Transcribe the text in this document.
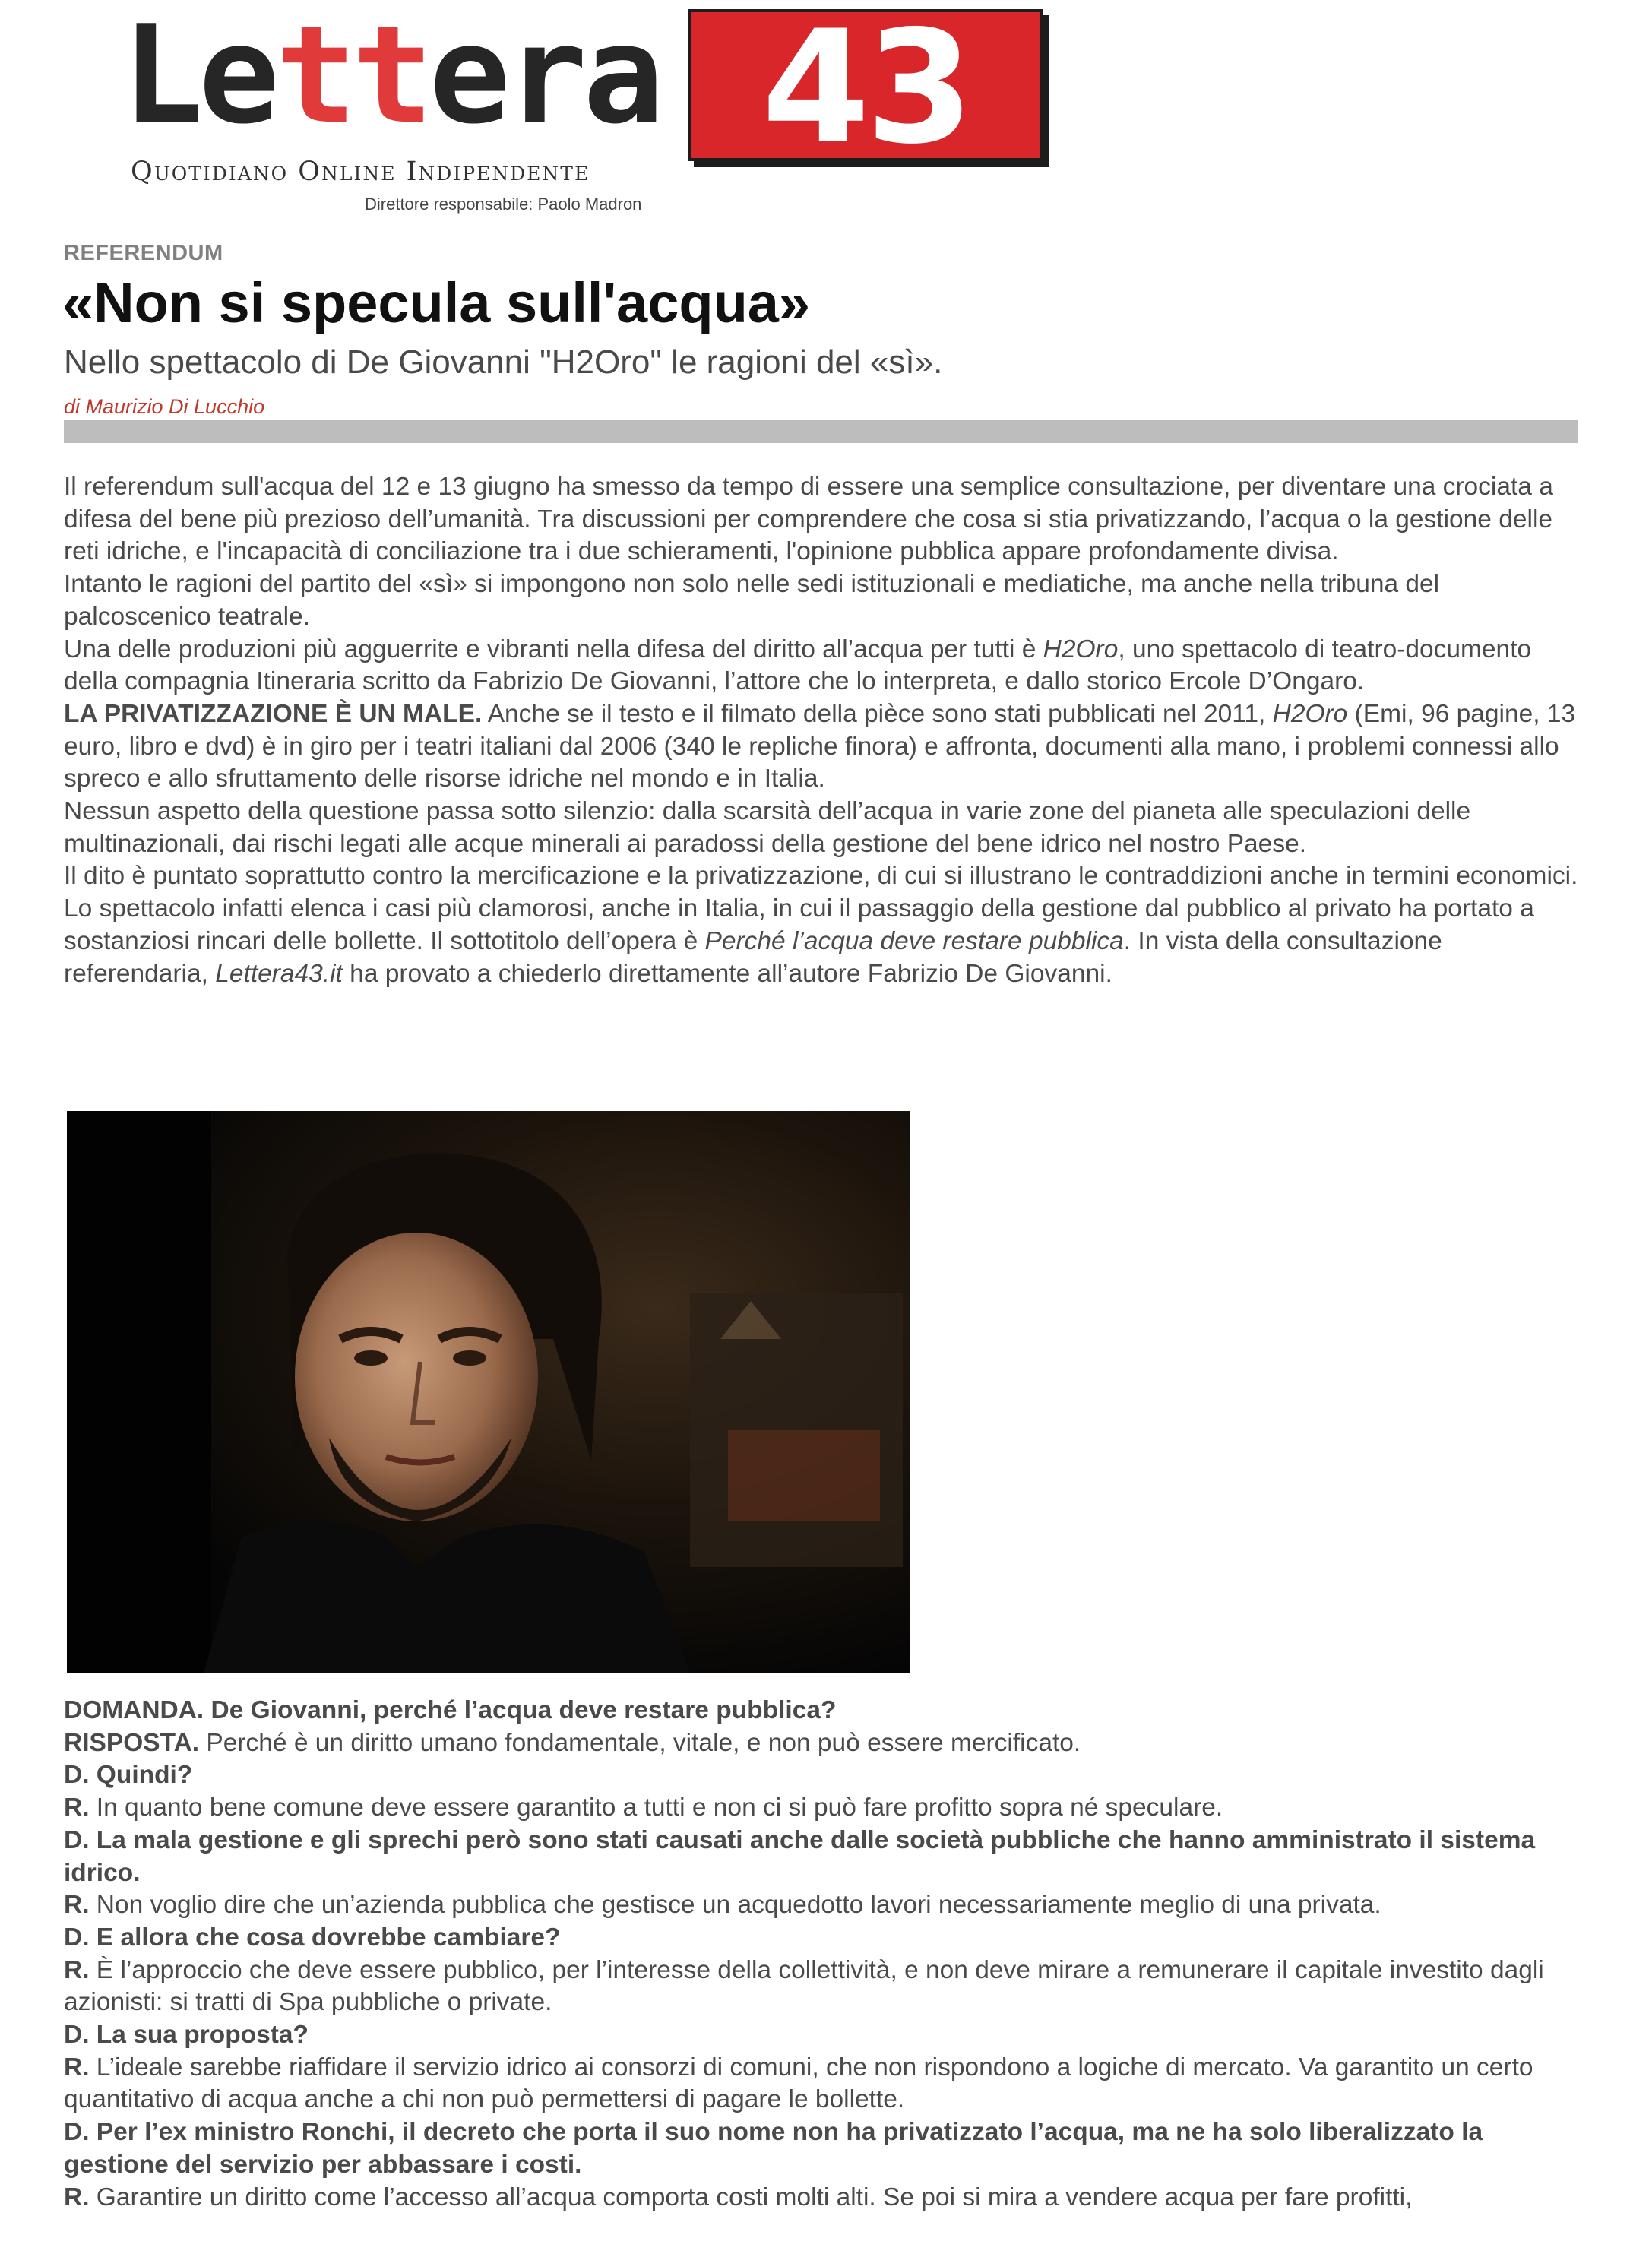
Lettera 43
Quotidiano Online Indipendente
Direttore responsabile: Paolo Madron
REFERENDUM
«Non si specula sull'acqua»
Nello spettacolo di De Giovanni "H2Oro" le ragioni del «sì».
di Maurizio Di Lucchio

Il referendum sull'acqua del 12 e 13 giugno ha smesso da tempo di essere una semplice consultazione, per diventare una crociata a difesa del bene più prezioso dell’umanità. Tra discussioni per comprendere che cosa si stia privatizzando, l’acqua o la gestione delle reti idriche, e l'incapacità di conciliazione tra i due schieramenti, l'opinione pubblica appare profondamente divisa.

Intanto le ragioni del partito del «sì» si impongono non solo nelle sedi istituzionali e mediatiche, ma anche nella tribuna del palcoscenico teatrale.

Una delle produzioni più agguerrite e vibranti nella difesa del diritto all’acqua per tutti è H2Oro, uno spettacolo di teatro-documento della compagnia Itineraria scritto da Fabrizio De Giovanni, l’attore che lo interpreta, e dallo storico Ercole D’Ongaro.

LA PRIVATIZZAZIONE È UN MALE. Anche se il testo e il filmato della pièce sono stati pubblicati nel 2011, H2Oro (Emi, 96 pagine, 13 euro, libro e dvd) è in giro per i teatri italiani dal 2006 (340 le repliche finora) e affronta, documenti alla mano, i problemi connessi allo spreco e allo sfruttamento delle risorse idriche nel mondo e in Italia.

Nessun aspetto della questione passa sotto silenzio: dalla scarsità dell’acqua in varie zone del pianeta alle speculazioni delle multinazionali, dai rischi legati alle acque minerali ai paradossi della gestione del bene idrico nel nostro Paese.

Il dito è puntato soprattutto contro la mercificazione e la privatizzazione, di cui si illustrano le contraddizioni anche in termini economici. Lo spettacolo infatti elenca i casi più clamorosi, anche in Italia, in cui il passaggio della gestione dal pubblico al privato ha portato a sostanziosi rincari delle bollette. Il sottotitolo dell’opera è Perché l’acqua deve restare pubblica. In vista della consultazione referendaria, Lettera43.it ha provato a chiederlo direttamente all’autore Fabrizio De Giovanni.

DOMANDA. De Giovanni, perché l’acqua deve restare pubblica?

RISPOSTA. Perché è un diritto umano fondamentale, vitale, e non può essere mercificato.

D. Quindi?

R. In quanto bene comune deve essere garantito a tutti e non ci si può fare profitto sopra né speculare.

D. La mala gestione e gli sprechi però sono stati causati anche dalle società pubbliche che hanno amministrato il sistema idrico.

R. Non voglio dire che un’azienda pubblica che gestisce un acquedotto lavori necessariamente meglio di una privata.

D. E allora che cosa dovrebbe cambiare?

R. È l’approccio che deve essere pubblico, per l’interesse della collettività, e non deve mirare a remunerare il capitale investito dagli azionisti: si tratti di Spa pubbliche o private.

D. La sua proposta?

R. L’ideale sarebbe riaffidare il servizio idrico ai consorzi di comuni, che non rispondono a logiche di mercato. Va garantito un certo quantitativo di acqua anche a chi non può permettersi di pagare le bollette.

D. Per l’ex ministro Ronchi, il decreto che porta il suo nome non ha privatizzato l’acqua, ma ne ha solo liberalizzato la gestione del servizio per abbassare i costi.

R. Garantire un diritto come l’accesso all’acqua comporta costi molti alti. Se poi si mira a vendere acqua per fare profitti,
